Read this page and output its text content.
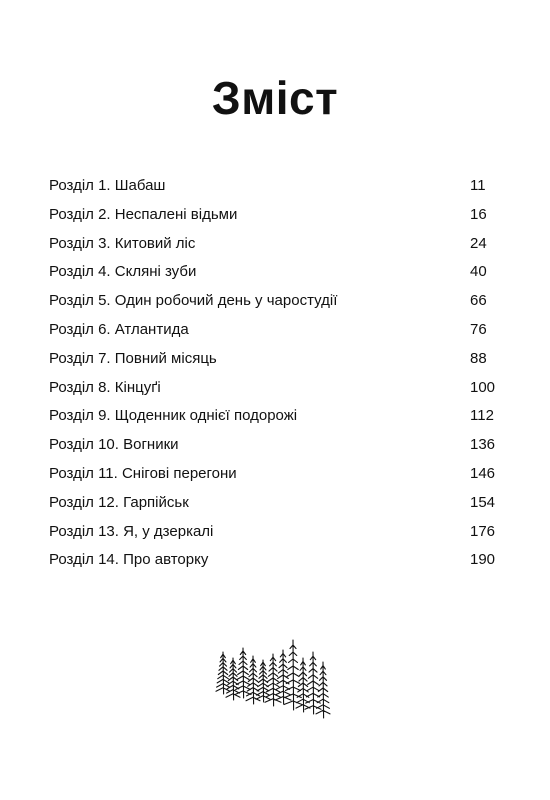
Зміст
Розділ 1. Шабаш	11
Розділ 2. Неспалені відьми	16
Розділ 3. Китовий ліс	24
Розділ 4. Скляні зуби	40
Розділ 5. Один робочий день у чаростудії	66
Розділ 6. Атлантида	76
Розділ 7. Повний місяць	88
Розділ 8. Кінцуґі	100
Розділ 9. Щоденник однієї подорожі	112
Розділ 10. Вогники	136
Розділ 11. Снігові перегони	146
Розділ 12. Гарпійськ	154
Розділ 13. Я, у дзеркалі	176
Розділ 14. Про авторку	190
